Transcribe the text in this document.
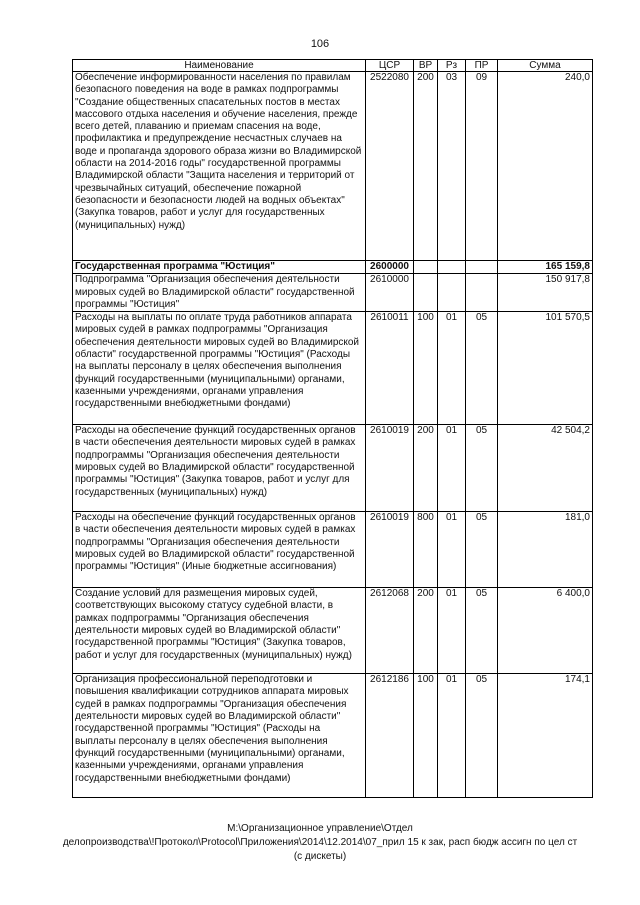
106
Наименование	ЦСР	ВР	Рз	ПР	Сумма
Обеспечение информированности населения по правилам безопасного поведения на воде в рамках подпрограммы "Создание общественных спасательных постов в местах массового отдыха населения и обучение населения, прежде всего детей, плаванию и приемам спасения на воде, профилактика и предупреждение несчастных случаев на воде и пропаганда здорового образа жизни во Владимирской области на 2014-2016 годы" государственной программы Владимирской области "Защита населения и территорий от чрезвычайных ситуаций, обеспечение пожарной безопасности и безопасности людей на водных объектах" (Закупка товаров, работ и услуг для государственных (муниципальных) нужд)	2522080	200	03	09	240,0
Государственная программа "Юстиция"	2600000				165 159,8
Подпрограмма "Организация обеспечения деятельности мировых судей во Владимирской области" государственной программы "Юстиция"	2610000				150 917,8
Расходы на выплаты по оплате труда работников аппарата мировых судей в рамках подпрограммы "Организация обеспечения деятельности мировых судей во Владимирской области" государственной программы "Юстиция" (Расходы на выплаты персоналу в целях обеспечения выполнения функций государственными (муниципальными) органами, казенными учреждениями, органами управления государственными внебюджетными фондами)	2610011	100	01	05	101 570,5
Расходы на обеспечение функций государственных органов в части обеспечения деятельности мировых судей в рамках подпрограммы "Организация обеспечения деятельности мировых судей во Владимирской области" государственной программы "Юстиция" (Закупка товаров, работ и услуг для государственных (муниципальных) нужд)	2610019	200	01	05	42 504,2
Расходы на обеспечение функций государственных органов в части обеспечения деятельности мировых судей в рамках подпрограммы "Организация обеспечения деятельности мировых судей во Владимирской области" государственной программы "Юстиция" (Иные бюджетные ассигнования)	2610019	800	01	05	181,0
Создание условий для размещения мировых судей, соответствующих высокому статусу судебной власти, в рамках подпрограммы "Организация обеспечения деятельности мировых судей во Владимирской области" государственной программы "Юстиция" (Закупка товаров, работ и услуг для государственных (муниципальных) нужд)	2612068	200	01	05	6 400,0
Организация профессиональной переподготовки и повышения квалификации сотрудников аппарата мировых судей в рамках подпрограммы "Организация обеспечения деятельности мировых судей во Владимирской области" государственной программы "Юстиция" (Расходы на выплаты персоналу в целях обеспечения выполнения функций государственными (муниципальными) органами, казенными учреждениями, органами управления государственными внебюджетными фондами)	2612186	100	01	05	174,1
М:\Организационное управление\Отдел
делопроизводства\!Протокол\Protocol\Приложения\2014\12.2014\07_прил 15 к зак, расп бюдж ассигн по цел ст
(с дискеты)
